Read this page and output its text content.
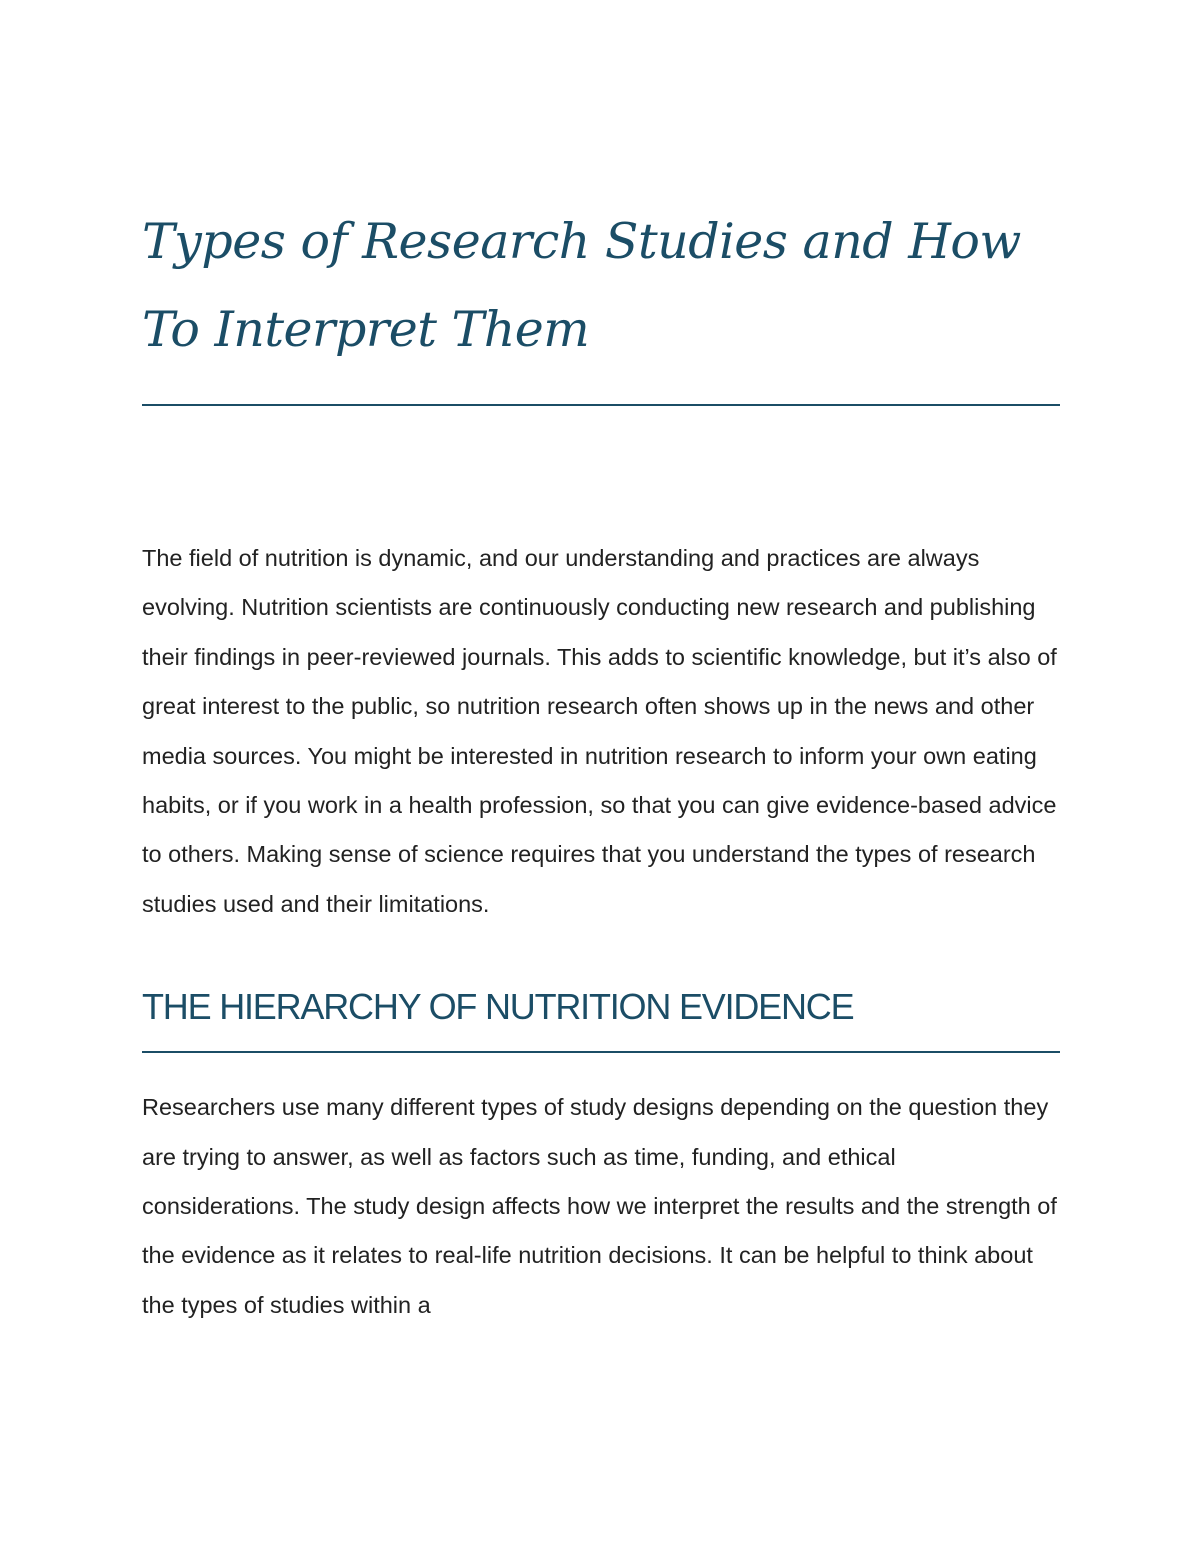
Types of Research Studies and How To Interpret Them

The field of nutrition is dynamic, and our understanding and practices are always evolving. Nutrition scientists are continuously conducting new research and publishing their findings in peer-reviewed journals. This adds to scientific knowledge, but it’s also of great interest to the public, so nutrition research often shows up in the news and other media sources. You might be interested in nutrition research to inform your own eating habits, or if you work in a health profession, so that you can give evidence-based advice to others. Making sense of science requires that you understand the types of research studies used and their limitations.

THE HIERARCHY OF NUTRITION EVIDENCE

Researchers use many different types of study designs depending on the question they are trying to answer, as well as factors such as time, funding, and ethical considerations. The study design affects how we interpret the results and the strength of the evidence as it relates to real-life nutrition decisions. It can be helpful to think about the types of studies within a
